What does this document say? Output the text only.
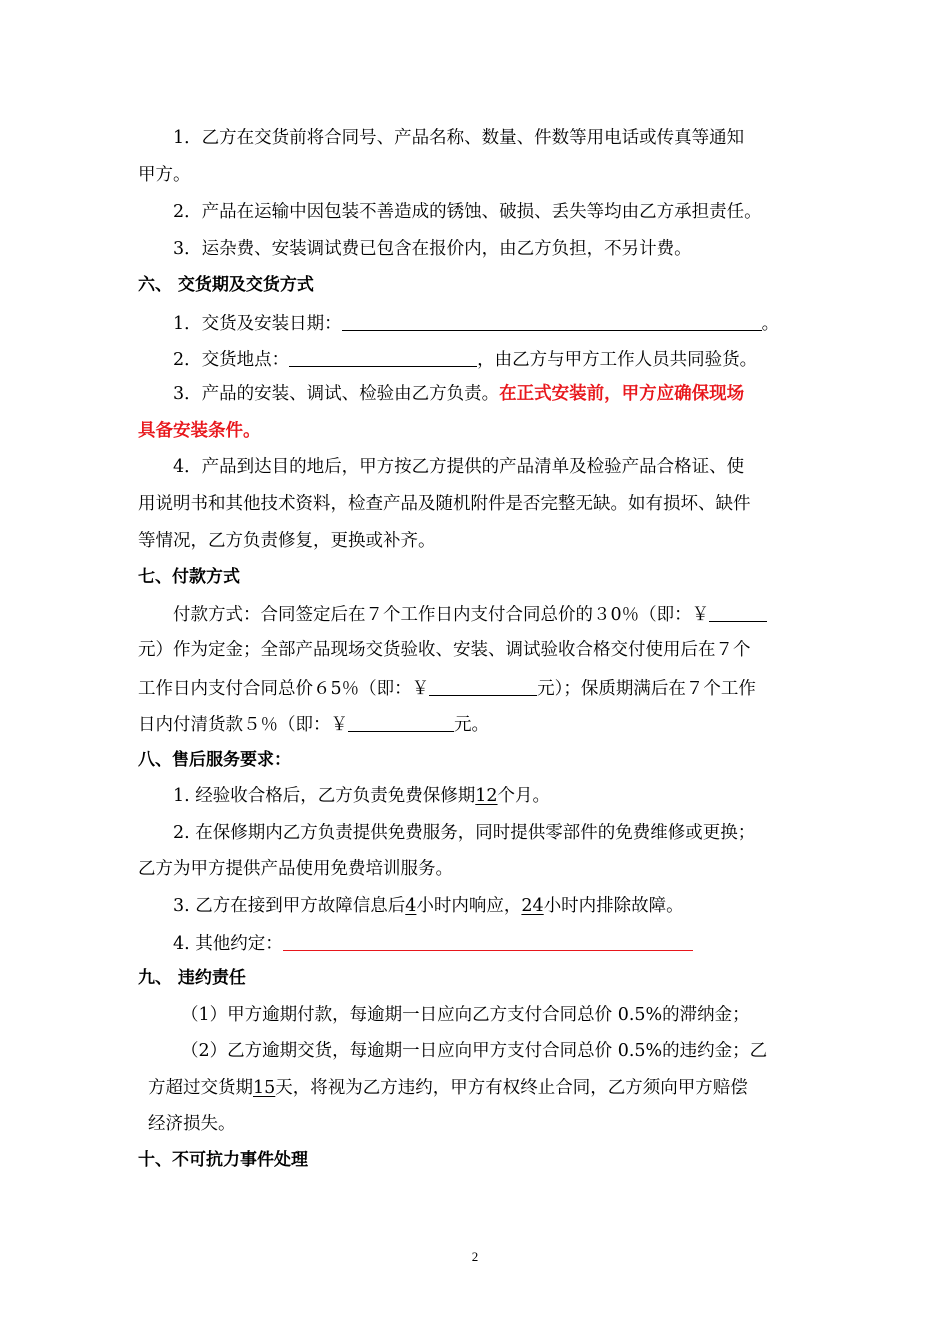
1．乙方在交货前将合同号、产品名称、数量、件数等用电话或传真等通知
甲方。
2．产品在运输中因包装不善造成的锈蚀、破损、丢失等均由乙方承担责任。
3．运杂费、安装调试费已包含在报价内，由乙方负担，不另计费。
六、 交货期及交货方式
1．交货及安装日期：	。
2．交货地点：	，由乙方与甲方工作人员共同验货。
3．产品的安装、调试、检验由乙方负责。在正式安装前，甲方应确保现场
具备安装条件。
4．产品到达目的地后，甲方按乙方提供的产品清单及检验产品合格证、使
用说明书和其他技术资料，检查产品及随机附件是否完整无缺。如有损坏、缺件
等情况，乙方负责修复，更换或补齐。
七、付款方式
付款方式：合同签定后在７个工作日内支付合同总价的３0％（即：￥
元）作为定金；全部产品现场交货验收、安装、调试验收合格交付使用后在７个
工作日内支付合同总价６5％（即：￥	元）；保质期满后在７个工作
日内付清货款５％（即：￥	元。
八、售后服务要求：
1. 经验收合格后，乙方负责免费保修期12个月。
2. 在保修期内乙方负责提供免费服务，同时提供零部件的免费维修或更换；
乙方为甲方提供产品使用免费培训服务。
3. 乙方在接到甲方故障信息后4小时内响应，24小时内排除故障。
4. 其他约定：
九、 违约责任
（1）甲方逾期付款，每逾期一日应向乙方支付合同总价 0.5%的滞纳金；
（2）乙方逾期交货，每逾期一日应向甲方支付合同总价 0.5%的违约金；乙
方超过交货期15天，将视为乙方违约，甲方有权终止合同，乙方须向甲方赔偿
经济损失。
十、不可抗力事件处理
2
